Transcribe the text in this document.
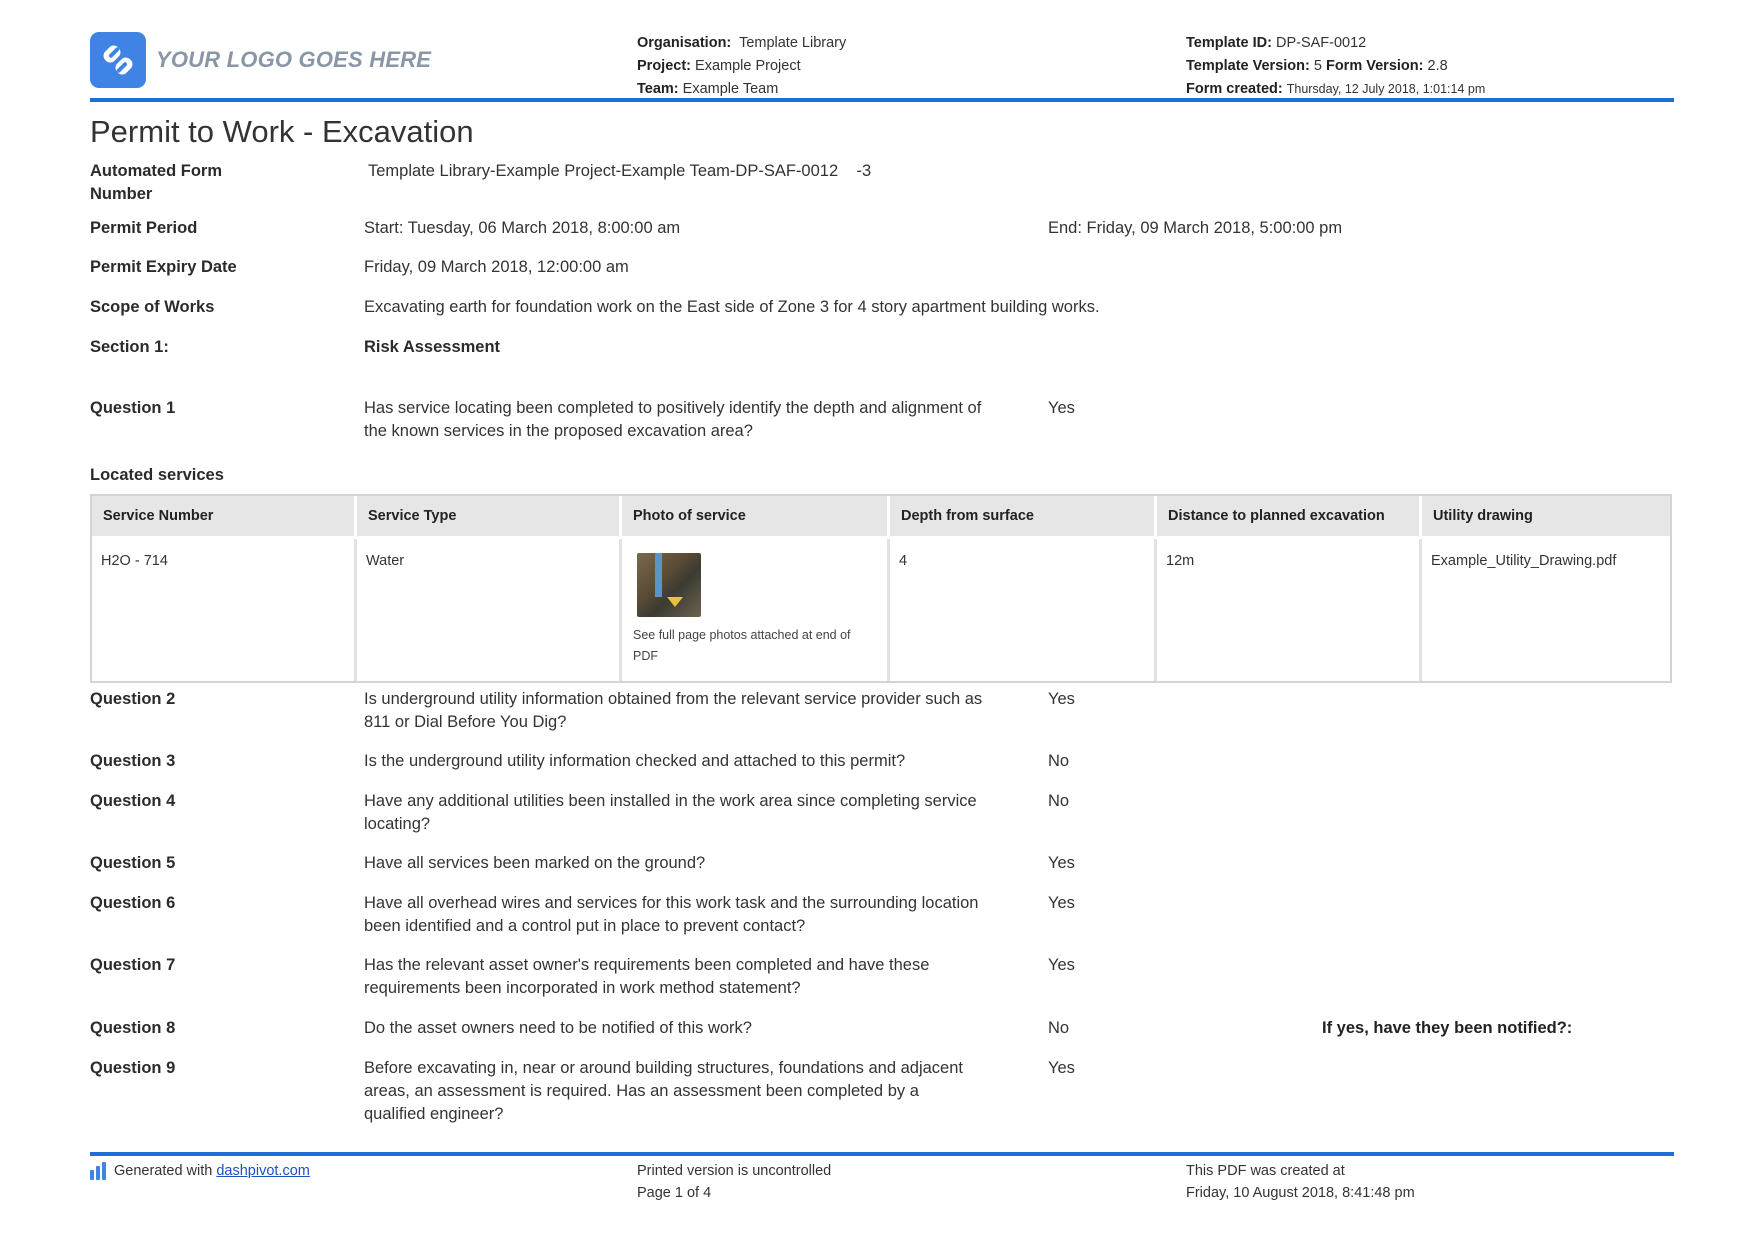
YOUR LOGO GOES HERE
Organisation: Template Library
Project: Example Project
Team: Example Team
Template ID: DP-SAF-0012
Template Version: 5 Form Version: 2.8
Form created: Thursday, 12 July 2018, 1:01:14 pm
Permit to Work - Excavation
Automated Form Number
Template Library-Example Project-Example Team-DP-SAF-0012    -3
Permit Period	Start: Tuesday, 06 March 2018, 8:00:00 am	End: Friday, 09 March 2018, 5:00:00 pm
Permit Expiry Date	Friday, 09 March 2018, 12:00:00 am
Scope of Works	Excavating earth for foundation work on the East side of Zone 3 for 4 story apartment building works.
Section 1:	Risk Assessment
Question 1	Has service locating been completed to positively identify the depth and alignment of the known services in the proposed excavation area?
Yes
Located services
Service Number	Service Type	Photo of service	Depth from surface	Distance to planned excavation	Utility drawing
H2O - 714	Water	See full page photos attached at end of PDF	4	12m	Example_Utility_Drawing.pdf
Question 2	Is underground utility information obtained from the relevant service provider such as 811 or Dial Before You Dig?
Yes
Question 3	Is the underground utility information checked and attached to this permit?	No
Question 4	Have any additional utilities been installed in the work area since completing service locating?
No
Question 5	Have all services been marked on the ground?	Yes
Question 6	Have all overhead wires and services for this work task and the surrounding location been identified and a control put in place to prevent contact?
Yes
Question 7	Has the relevant asset owner's requirements been completed and have these requirements been incorporated in work method statement?
Yes
Question 8	Do the asset owners need to be notified of this work?	No	If yes, have they been notified?:
Question 9	Before excavating in, near or around building structures, foundations and adjacent areas, an assessment is required. Has an assessment been completed by a qualified engineer?
Yes
Generated with dashpivot.com	Printed version is uncontrolled
Page 1 of 4
This PDF was created at
Friday, 10 August 2018, 8:41:48 pm
